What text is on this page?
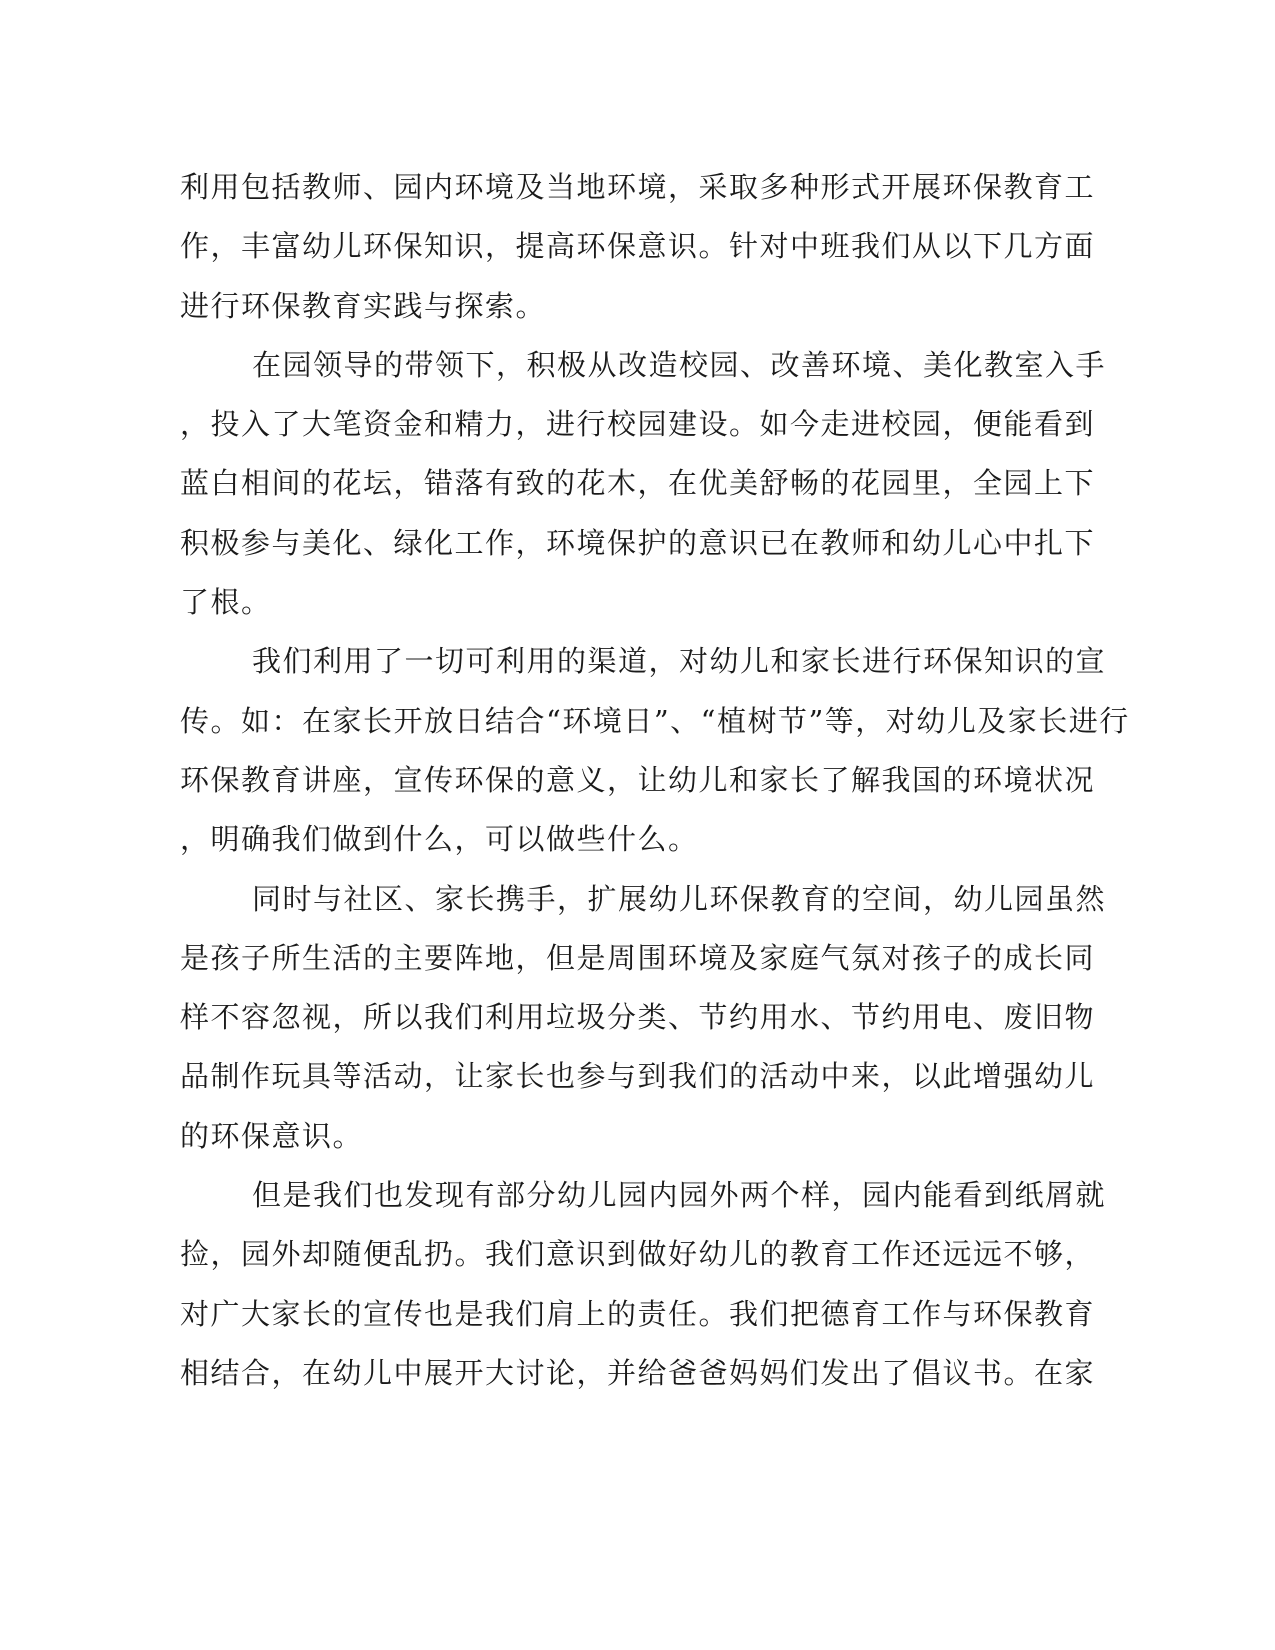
利用包括教师、园内环境及当地环境，采取多种形式开展环保教育工
作，丰富幼儿环保知识，提高环保意识。针对中班我们从以下几方面
进行环保教育实践与探索。
在园领导的带领下，积极从改造校园、改善环境、美化教室入手
，投入了大笔资金和精力，进行校园建设。如今走进校园，便能看到
蓝白相间的花坛，错落有致的花木，在优美舒畅的花园里，全园上下
积极参与美化、绿化工作，环境保护的意识已在教师和幼儿心中扎下
了根。
我们利用了一切可利用的渠道，对幼儿和家长进行环保知识的宣
传。如：在家长开放日结合“环境日”、“植树节”等，对幼儿及家长进行
环保教育讲座，宣传环保的意义，让幼儿和家长了解我国的环境状况
，明确我们做到什么，可以做些什么。
同时与社区、家长携手，扩展幼儿环保教育的空间，幼儿园虽然
是孩子所生活的主要阵地，但是周围环境及家庭气氛对孩子的成长同
样不容忽视，所以我们利用垃圾分类、节约用水、节约用电、废旧物
品制作玩具等活动，让家长也参与到我们的活动中来，以此增强幼儿
的环保意识。
但是我们也发现有部分幼儿园内园外两个样，园内能看到纸屑就
捡，园外却随便乱扔。我们意识到做好幼儿的教育工作还远远不够，
对广大家长的宣传也是我们肩上的责任。我们把德育工作与环保教育
相结合，在幼儿中展开大讨论，并给爸爸妈妈们发出了倡议书。在家
